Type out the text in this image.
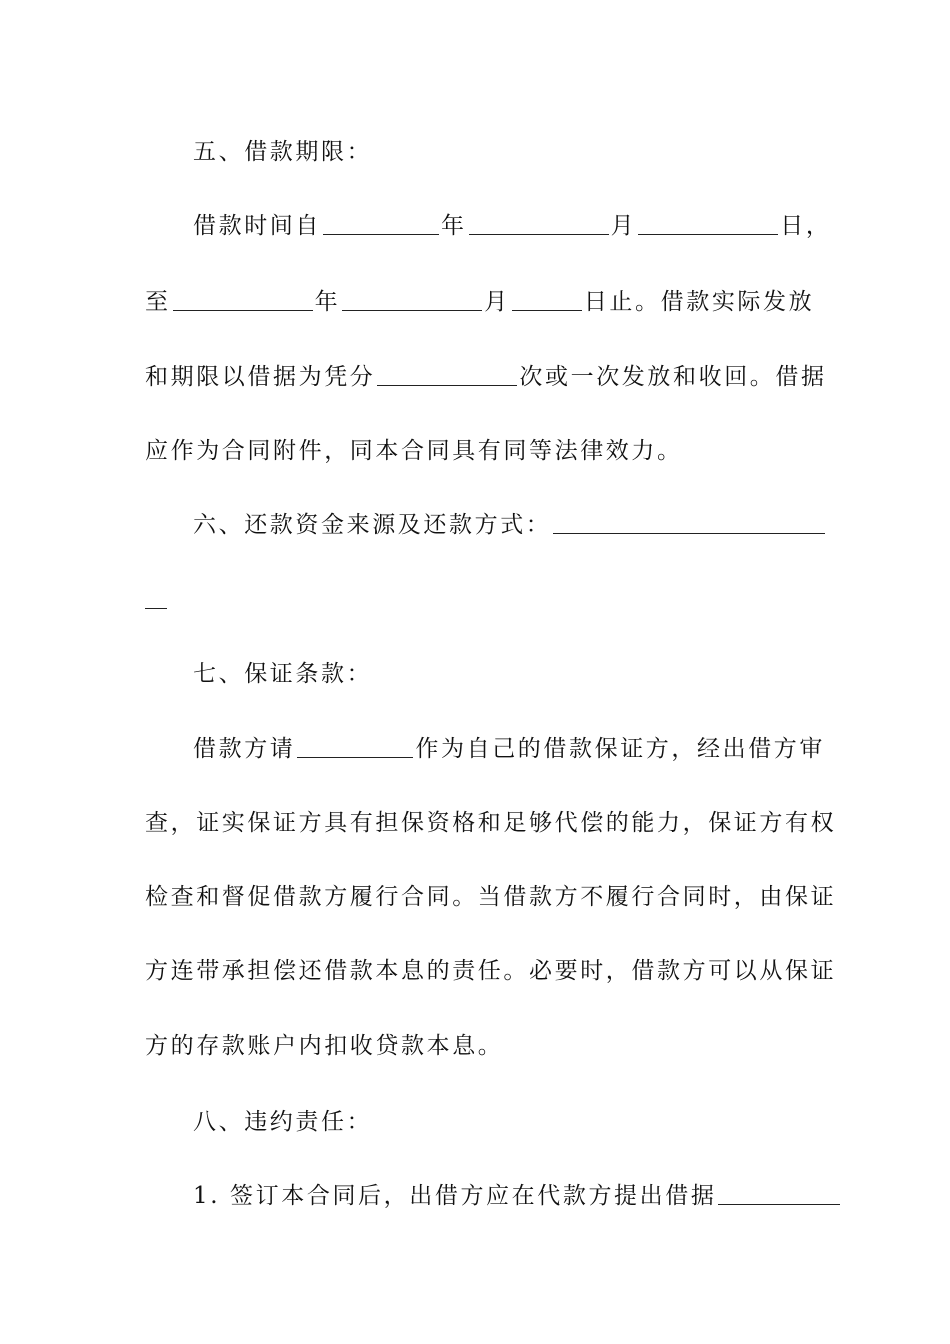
五、借款期限：
借款时间自	年	月	日，
至	年	月	日止。借款实际发放
和期限以借据为凭分	次或一次发放和收回。借据
应作为合同附件，同本合同具有同等法律效力。
六、还款资金来源及还款方式：
七、保证条款：
借款方请	作为自己的借款保证方，经出借方审
查，证实保证方具有担保资格和足够代偿的能力，保证方有权
检查和督促借款方履行合同。当借款方不履行合同时，由保证
方连带承担偿还借款本息的责任。必要时，借款方可以从保证
方的存款账户内扣收贷款本息。
八、违约责任：
1. 签订本合同后，出借方应在代款方提出借据
